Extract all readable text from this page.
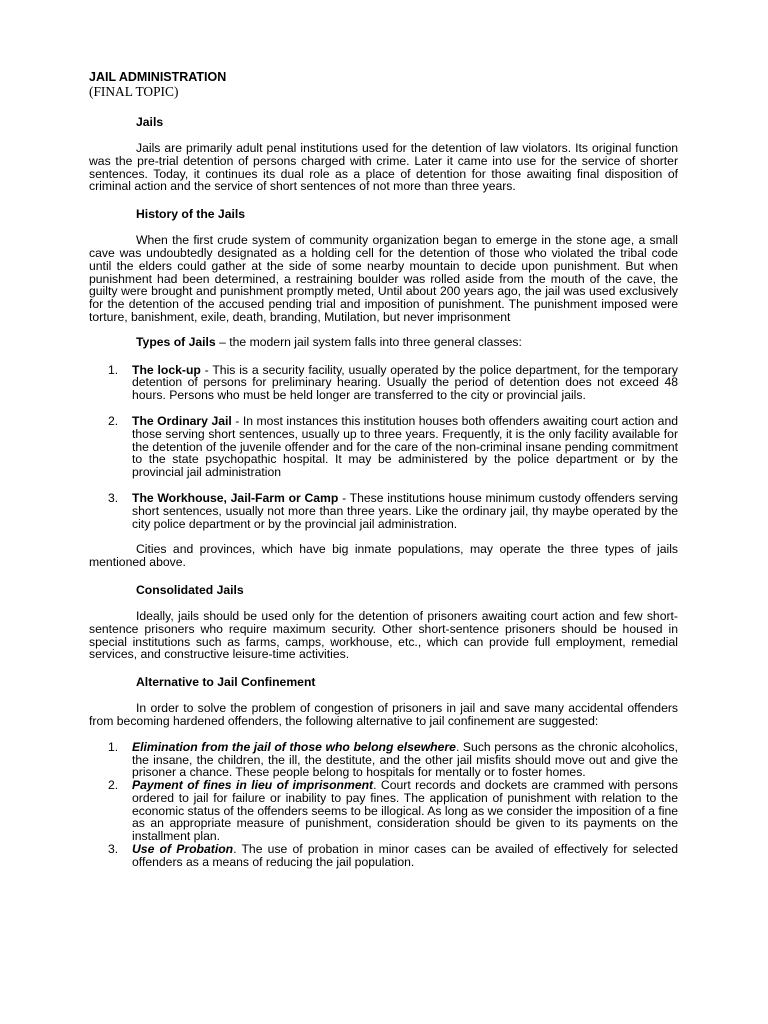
JAIL ADMINISTRATION

(FINAL TOPIC)

Jails

Jails are primarily adult penal institutions used for the detention of law violators. Its original function was the pre-trial detention of persons charged with crime. Later it came into use for the service of shorter sentences. Today, it continues its dual role as a place of detention for those awaiting final disposition of criminal action and the service of short sentences of not more than three years.

History of the Jails

When the first crude system of community organization began to emerge in the stone age, a small cave was undoubtedly designated as a holding cell for the detention of those who violated the tribal code until the elders could gather at the side of some nearby mountain to decide upon punishment. But when punishment had been determined, a restraining boulder was rolled aside from the mouth of the cave, the guilty were brought and punishment promptly meted, Until about 200 years ago, the jail was used exclusively for the detention of the accused pending trial and imposition of punishment. The punishment imposed were torture, banishment, exile, death, branding, Mutilation, but never imprisonment

Types of Jails – the modern jail system falls into three general classes:

1. The lock-up - This is a security facility, usually operated by the police department, for the temporary detention of persons for preliminary hearing. Usually the period of detention does not exceed 48 hours. Persons who must be held longer are transferred to the city or provincial jails.
2. The Ordinary Jail - In most instances this institution houses both offenders awaiting court action and those serving short sentences, usually up to three years. Frequently, it is the only facility available for the detention of the juvenile offender and for the care of the non-criminal insane pending commitment to the state psychopathic hospital. It may be administered by the police department or by the provincial jail administration
3. The Workhouse, Jail-Farm or Camp - These institutions house minimum custody offenders serving short sentences, usually not more than three years. Like the ordinary jail, thy maybe operated by the city police department or by the provincial jail administration.

Cities and provinces, which have big inmate populations, may operate the three types of jails mentioned above.

Consolidated Jails

Ideally, jails should be used only for the detention of prisoners awaiting court action and few short-sentence prisoners who require maximum security. Other short-sentence prisoners should be housed in special institutions such as farms, camps, workhouse, etc., which can provide full employment, remedial services, and constructive leisure-time activities.

Alternative to Jail Confinement

In order to solve the problem of congestion of prisoners in jail and save many accidental offenders from becoming hardened offenders, the following alternative to jail confinement are suggested:

1. Elimination from the jail of those who belong elsewhere. Such persons as the chronic alcoholics, the insane, the children, the ill, the destitute, and the other jail misfits should move out and give the prisoner a chance. These people belong to hospitals for mentally or to foster homes.
2. Payment of fines in lieu of imprisonment. Court records and dockets are crammed with persons ordered to jail for failure or inability to pay fines. The application of punishment with relation to the economic status of the offenders seems to be illogical. As long as we consider the imposition of a fine as an appropriate measure of punishment, consideration should be given to its payments on the installment plan.
3. Use of Probation. The use of probation in minor cases can be availed of effectively for selected offenders as a means of reducing the jail population.
